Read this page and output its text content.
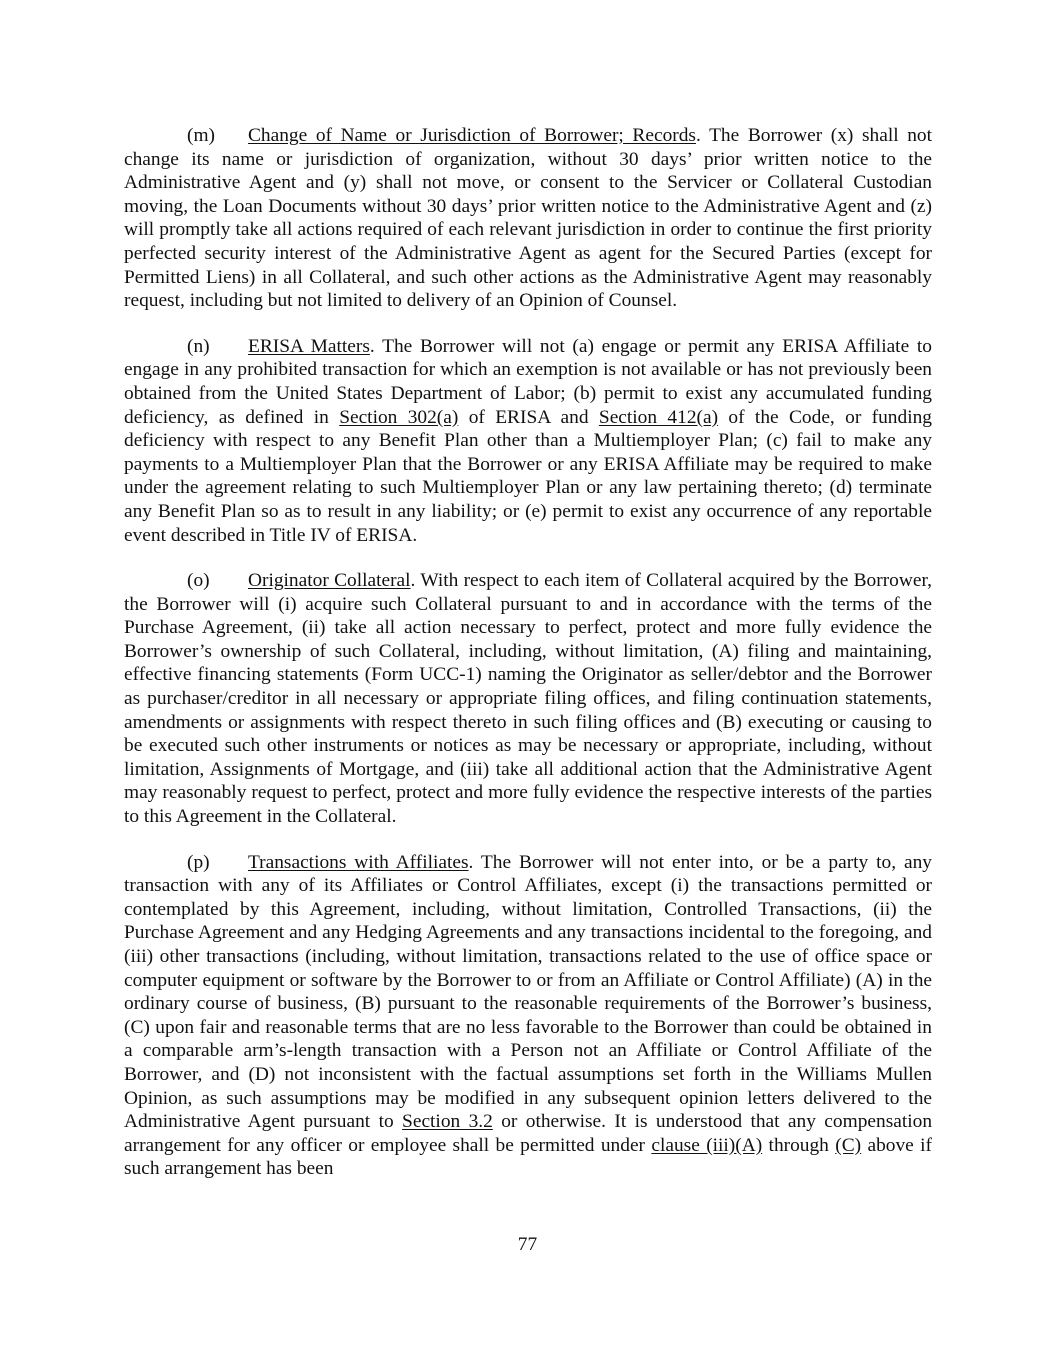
(m) Change of Name or Jurisdiction of Borrower; Records. The Borrower (x) shall not change its name or jurisdiction of organization, without 30 days’ prior written notice to the Administrative Agent and (y) shall not move, or consent to the Servicer or Collateral Custodian moving, the Loan Documents without 30 days’ prior written notice to the Administrative Agent and (z) will promptly take all actions required of each relevant jurisdiction in order to continue the first priority perfected security interest of the Administrative Agent as agent for the Secured Parties (except for Permitted Liens) in all Collateral, and such other actions as the Administrative Agent may reasonably request, including but not limited to delivery of an Opinion of Counsel.

(n) ERISA Matters. The Borrower will not (a) engage or permit any ERISA Affiliate to engage in any prohibited transaction for which an exemption is not available or has not previously been obtained from the United States Department of Labor; (b) permit to exist any accumulated funding deficiency, as defined in Section 302(a) of ERISA and Section 412(a) of the Code, or funding deficiency with respect to any Benefit Plan other than a Multiemployer Plan; (c) fail to make any payments to a Multiemployer Plan that the Borrower or any ERISA Affiliate may be required to make under the agreement relating to such Multiemployer Plan or any law pertaining thereto; (d) terminate any Benefit Plan so as to result in any liability; or (e) permit to exist any occurrence of any reportable event described in Title IV of ERISA.

(o) Originator Collateral. With respect to each item of Collateral acquired by the Borrower, the Borrower will (i) acquire such Collateral pursuant to and in accordance with the terms of the Purchase Agreement, (ii) take all action necessary to perfect, protect and more fully evidence the Borrower’s ownership of such Collateral, including, without limitation, (A) filing and maintaining, effective financing statements (Form UCC-1) naming the Originator as seller/debtor and the Borrower as purchaser/creditor in all necessary or appropriate filing offices, and filing continuation statements, amendments or assignments with respect thereto in such filing offices and (B) executing or causing to be executed such other instruments or notices as may be necessary or appropriate, including, without limitation, Assignments of Mortgage, and (iii) take all additional action that the Administrative Agent may reasonably request to perfect, protect and more fully evidence the respective interests of the parties to this Agreement in the Collateral.

(p) Transactions with Affiliates. The Borrower will not enter into, or be a party to, any transaction with any of its Affiliates or Control Affiliates, except (i) the transactions permitted or contemplated by this Agreement, including, without limitation, Controlled Transactions, (ii) the Purchase Agreement and any Hedging Agreements and any transactions incidental to the foregoing, and (iii) other transactions (including, without limitation, transactions related to the use of office space or computer equipment or software by the Borrower to or from an Affiliate or Control Affiliate) (A) in the ordinary course of business, (B) pursuant to the reasonable requirements of the Borrower’s business, (C) upon fair and reasonable terms that are no less favorable to the Borrower than could be obtained in a comparable arm’s-length transaction with a Person not an Affiliate or Control Affiliate of the Borrower, and (D) not inconsistent with the factual assumptions set forth in the Williams Mullen Opinion, as such assumptions may be modified in any subsequent opinion letters delivered to the Administrative Agent pursuant to Section 3.2 or otherwise. It is understood that any compensation arrangement for any officer or employee shall be permitted under clause (iii)(A) through (C) above if such arrangement has been

77
